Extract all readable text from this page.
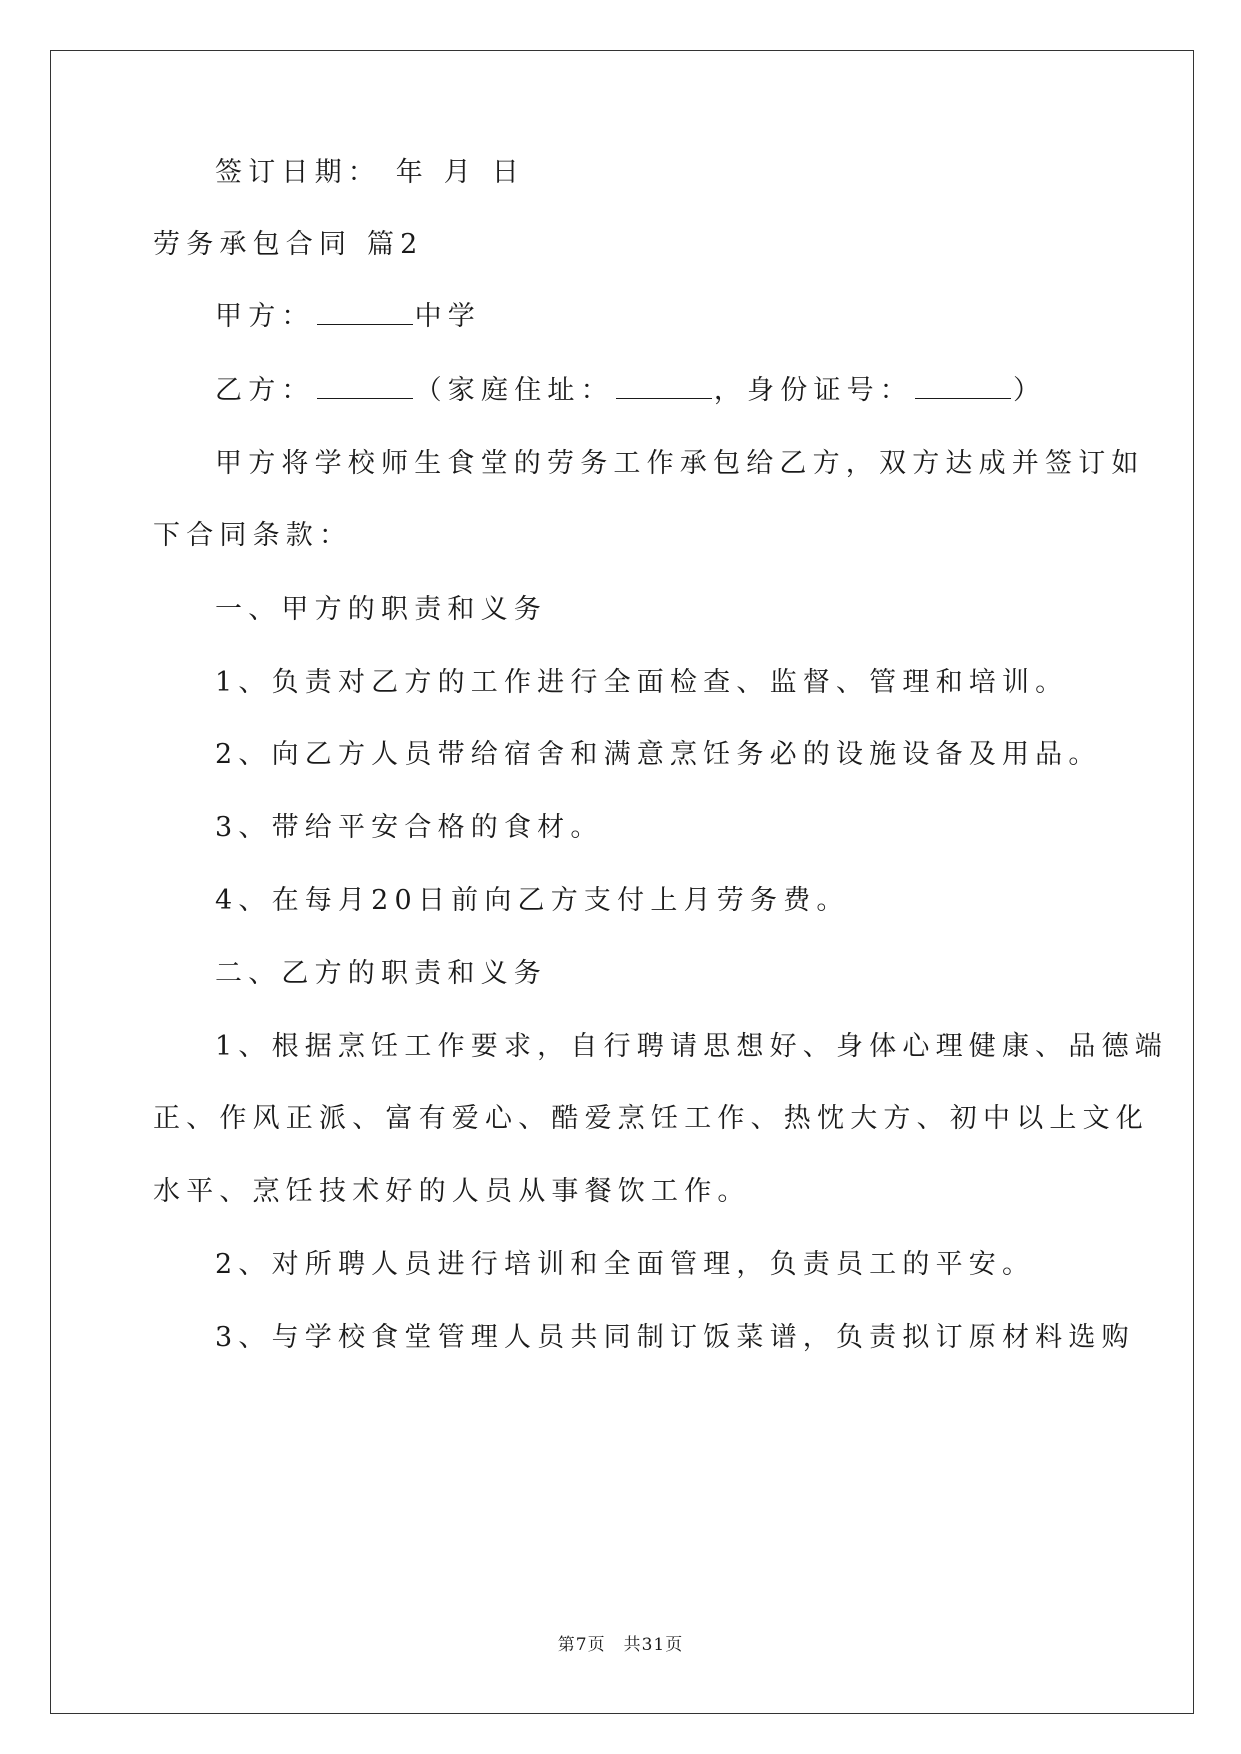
签订日期： 年 月 日
劳务承包合同 篇2
甲方：	中学
乙方：	（家庭住址：	，身份证号：	）
甲方将学校师生食堂的劳务工作承包给乙方，双方达成并签订如
下合同条款：
一、甲方的职责和义务
1、负责对乙方的工作进行全面检查、监督、管理和培训。
2、向乙方人员带给宿舍和满意烹饪务必的设施设备及用品。
3、带给平安合格的食材。
4、在每月20日前向乙方支付上月劳务费。
二、乙方的职责和义务
1、根据烹饪工作要求，自行聘请思想好、身体心理健康、品德端
正、作风正派、富有爱心、酷爱烹饪工作、热忱大方、初中以上文化
水平、烹饪技术好的人员从事餐饮工作。
2、对所聘人员进行培训和全面管理，负责员工的平安。
3、与学校食堂管理人员共同制订饭菜谱，负责拟订原材料选购
第7页 共31页
